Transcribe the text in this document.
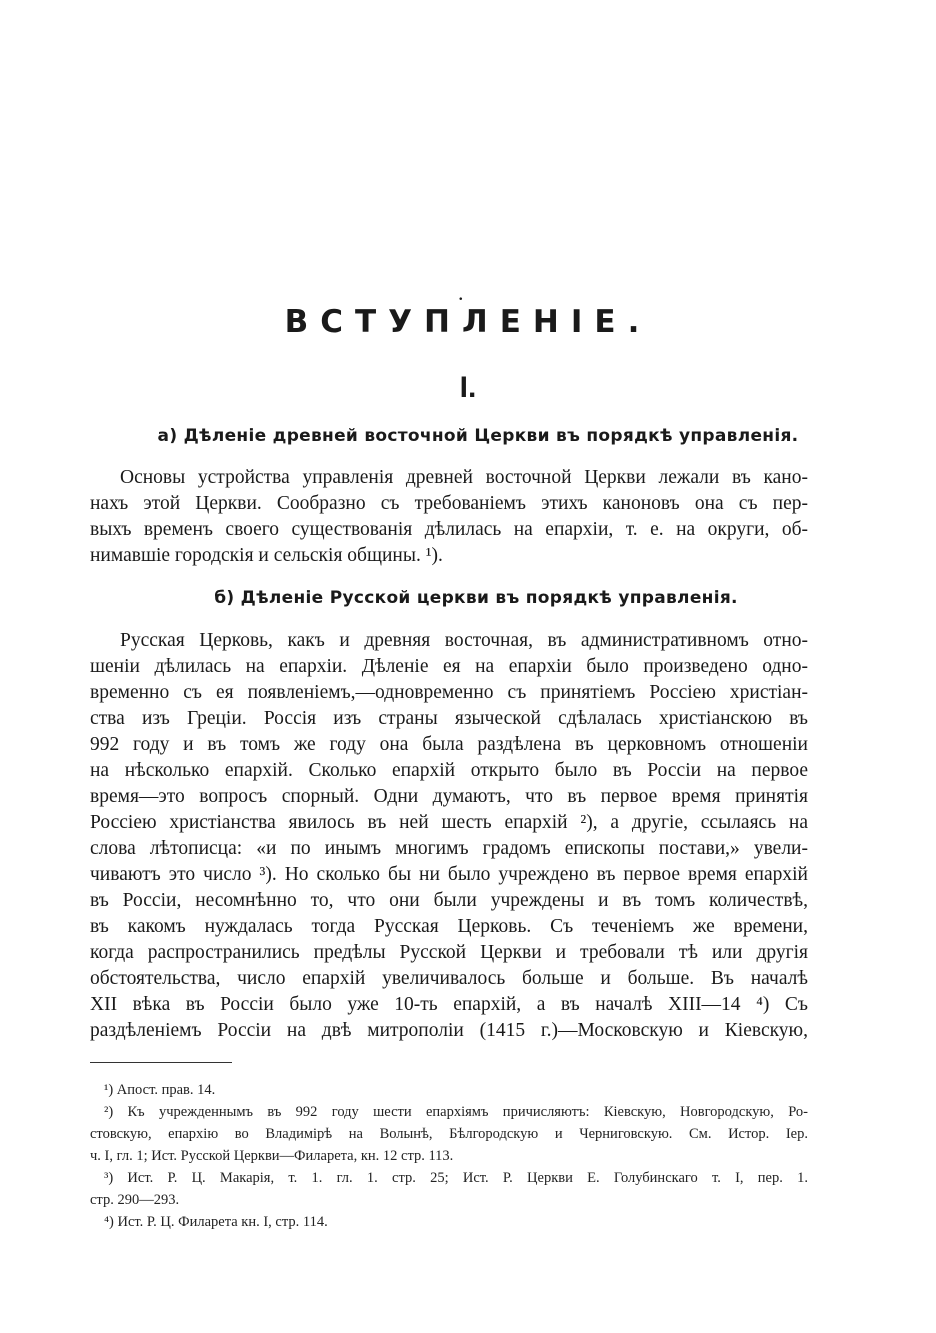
.
ВСТУПЛЕНІЕ.
I.
а) Дѣленіе древней восточной Церкви въ порядкѣ управленія.
Основы устройства управленія древней восточной Церкви лежали въ кано-
нахъ этой Церкви. Сообразно съ требованіемъ этихъ каноновъ она съ пер-
выхъ временъ своего существованія дѣлилась на епархіи, т. е. на округи, об-
нимавшіе городскія и сельскія общины. ¹).
б) Дѣленіе Русской церкви въ порядкѣ управленія.
Русская Церковь, какъ и древняя восточная, въ административномъ отно-
шеніи дѣлилась на епархіи. Дѣленіе ея на епархіи было произведено одно-
временно съ ея появленіемъ,—одновременно съ принятіемъ Россіею христіан-
ства изъ Греціи. Россія изъ страны языческой сдѣлалась христіанскою въ
992 году и въ томъ же году она была раздѣлена въ церковномъ отношеніи
на нѣсколько епархій. Сколько епархій открыто было въ Россіи на первое
время—это вопросъ спорный. Одни думаютъ, что въ первое время принятія
Россіею христіанства явилось въ ней шесть епархій ²), а другіе, ссылаясь на
слова лѣтописца: «и по инымъ многимъ градомъ епископы постави,» увели-
чиваютъ это число ³). Но сколько бы ни было учреждено въ первое время епархій
въ Россіи, несомнѣнно то, что они были учреждены и въ томъ количествѣ,
въ какомъ нуждалась тогда Русская Церковь. Съ теченіемъ же времени,
когда распространились предѣлы Русской Церкви и требовали тѣ или другія
обстоятельства, число епархій увеличивалось больше и больше. Въ началѣ
XII вѣка въ Россіи было уже 10-ть епархій, а въ началѣ XIII—14 ⁴) Съ
раздѣленіемъ Россіи на двѣ митрополіи (1415 г.)—Московскую и Кіевскую,
¹) Апост. прав. 14.
²) Къ учрежденнымъ въ 992 году шести епархіямъ причисляютъ: Кіевскую, Новгородскую, Ро-
стовскую, епархію во Владимірѣ на Волынѣ, Бѣлгородскую и Черниговскую. См. Истор. Іер.
ч. I, гл. 1; Ист. Русской Церкви—Филарета, кн. 12 стр. 113.
³) Ист. Р. Ц. Макарія, т. 1. гл. 1. стр. 25; Ист. Р. Церкви Е. Голубинскаго т. I, пер. 1.
стр. 290—293.
⁴) Ист. Р. Ц. Филарета кн. I, стр. 114.
